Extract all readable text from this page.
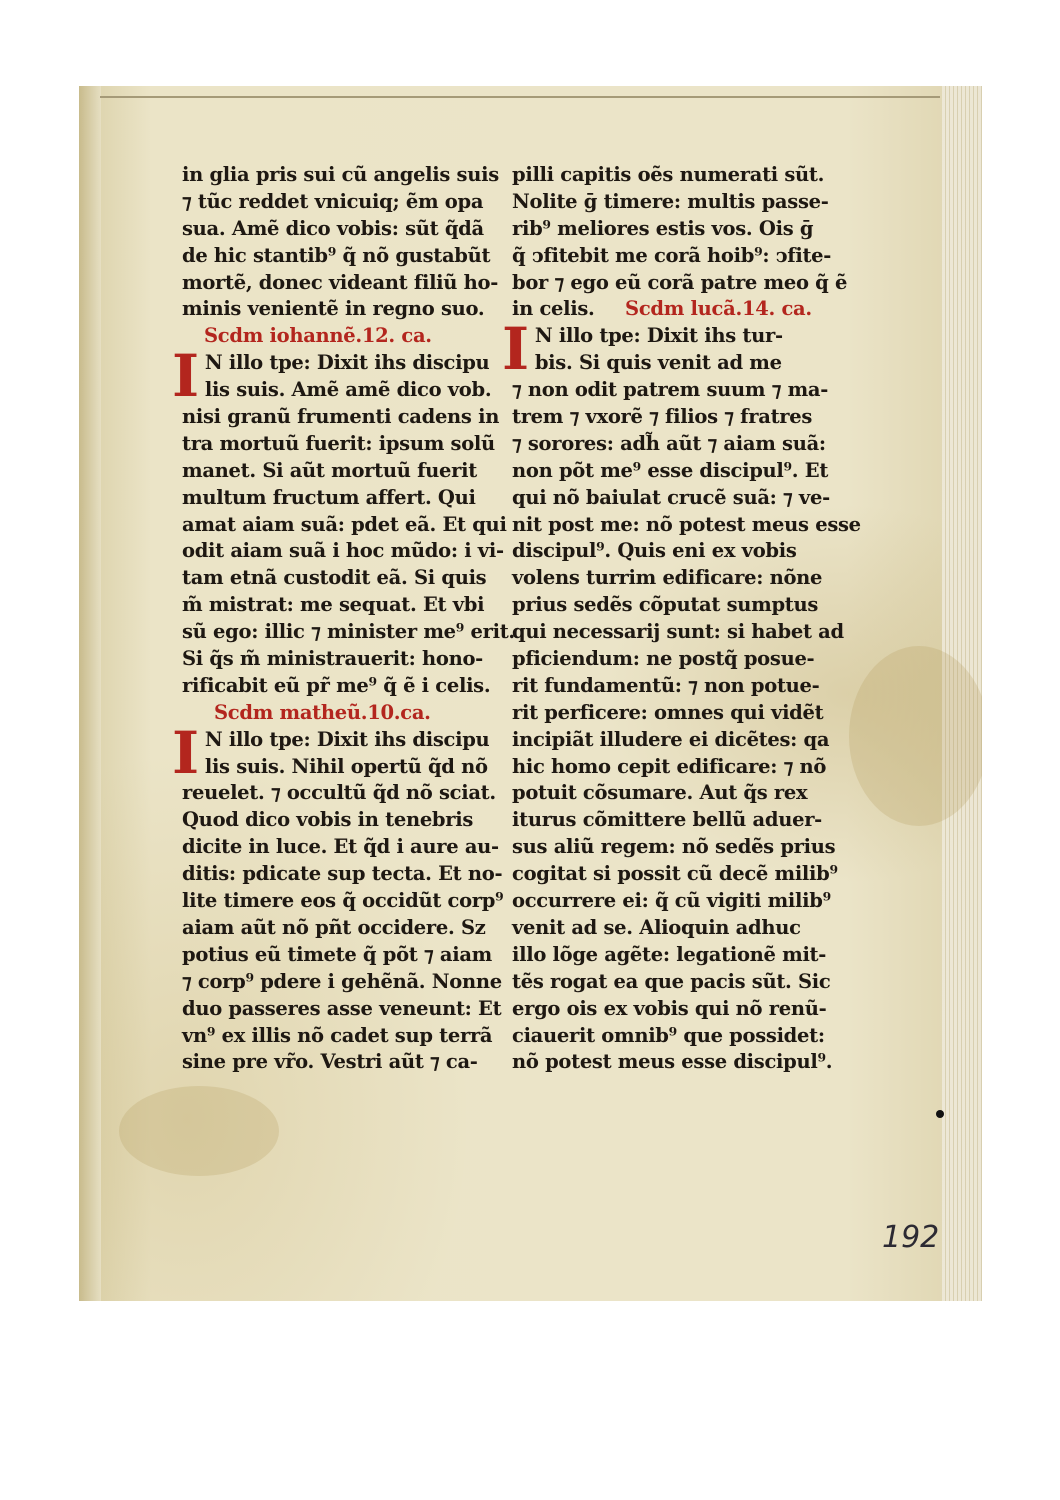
in glia pris sui cũ angelis suis
⁊ tũc reddet vnicuiq; ẽm opa
sua. Amẽ dico vobis: sũt q̃dã
de hic stantib⁹ q̃ nõ gustabũt
mortẽ, donec videant filiũ ho-
minis venientẽ in regno suo.
Scdm iohannẽ.12. ca.
I N illo tpe: Dixit ihs discipu
lis suis. Amẽ amẽ dico vob.
nisi granũ frumenti cadens in
tra mortuũ fuerit: ipsum solũ
manet. Si aũt mortuũ fuerit
multum fructum affert. Qui
amat aiam suã: pdet eã. Et qui
odit aiam suã i hoc mũdo: i vi-
tam etnã custodit eã. Si quis
m̃ mistrat: me sequat. Et vbi
sũ ego: illic ⁊ minister me⁹ erit.
Si q̃s m̃ ministrauerit: hono-
rificabit eũ pr̃ me⁹ q̃ ẽ i celis.
Scdm matheũ.10.ca.
I N illo tpe: Dixit ihs discipu
lis suis. Nihil opertũ q̃d nõ
reuelet. ⁊ occultũ q̃d nõ sciat.
Quod dico vobis in tenebris
dicite in luce. Et q̃d i aure au-
ditis: pdicate sup tecta. Et no-
lite timere eos q̃ occidũt corp⁹
aiam aũt nõ pñt occidere. Sz
potius eũ timete q̃ põt ⁊ aiam
⁊ corp⁹ pdere i gehẽnã. Nonne
duo passeres asse veneunt: Et
vn⁹ ex illis nõ cadet sup terrã
sine pre vr̃o. Vestri aũt ⁊ ca-
pilli capitis oẽs numerati sũt.
Nolite ḡ timere: multis passe-
rib⁹ meliores estis vos. Ois ḡ
q̃ ↄfitebit me corã hoib⁹: ↄfite-
bor ⁊ ego eũ corã patre meo q̃ ẽ
in celis. Scdm lucã.14. ca.
I N illo tpe: Dixit ihs tur-
bis. Si quis venit ad me
⁊ non odit patrem suum ⁊ ma-
trem ⁊ vxorẽ ⁊ filios ⁊ fratres
⁊ sorores: adh̃ aũt ⁊ aiam suã:
non põt me⁹ esse discipul⁹. Et
qui nõ baiulat crucẽ suã: ⁊ ve-
nit post me: nõ potest meus esse
discipul⁹. Quis eni ex vobis
volens turrim edificare: nõne
prius sedẽs cõputat sumptus
qui necessarij sunt: si habet ad
pficiendum: ne postq̃ posue-
rit fundamentũ: ⁊ non potue-
rit perficere: omnes qui vidẽt
incipiãt illudere ei dicẽtes: qa
hic homo cepit edificare: ⁊ nõ
potuit cõsumare. Aut q̃s rex
iturus cõmittere bellũ aduer-
sus aliũ regem: nõ sedẽs prius
cogitat si possit cũ decẽ milib⁹
occurrere ei: q̃ cũ vigiti milib⁹
venit ad se. Alioquin adhuc
illo lõge agẽte: legationẽ mit-
tẽs rogat ea que pacis sũt. Sic
ergo ois ex vobis qui nõ renũ-
ciauerit omnib⁹ que possidet:
nõ potest meus esse discipul⁹.
192
